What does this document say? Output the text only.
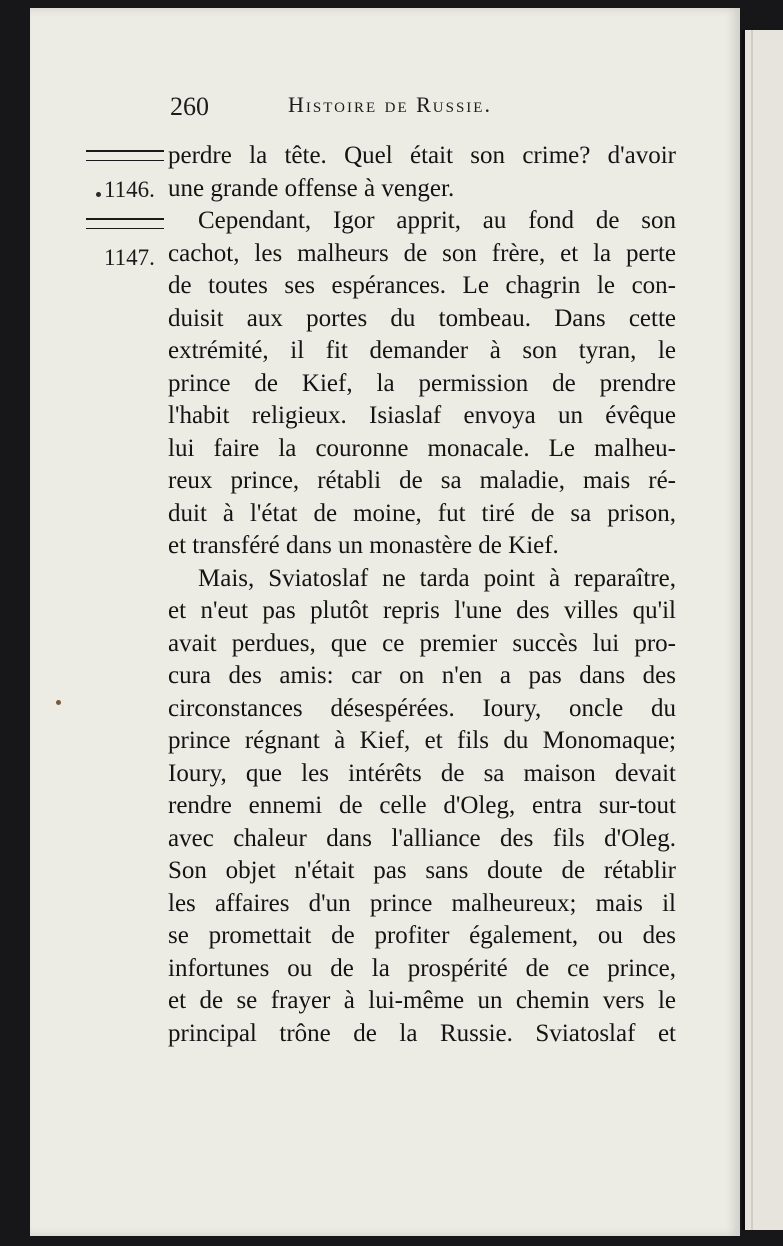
260	Histoire de Russie.
1146.
1147.
perdre la tête. Quel était son crime? d'avoir
une grande offense à venger.
Cependant, Igor apprit, au fond de son
cachot, les malheurs de son frère, et la perte
de toutes ses espérances. Le chagrin le con-
duisit aux portes du tombeau. Dans cette
extrémité, il fit demander à son tyran, le
prince de Kief, la permission de prendre
l'habit religieux. Isiaslaf envoya un évêque
lui faire la couronne monacale. Le malheu-
reux prince, rétabli de sa maladie, mais ré-
duit à l'état de moine, fut tiré de sa prison,
et transféré dans un monastère de Kief.
Mais, Sviatoslaf ne tarda point à reparaître,
et n'eut pas plutôt repris l'une des villes qu'il
avait perdues, que ce premier succès lui pro-
cura des amis: car on n'en a pas dans des
circonstances désespérées. Ioury, oncle du
prince régnant à Kief, et fils du Monomaque;
Ioury, que les intérêts de sa maison devait
rendre ennemi de celle d'Oleg, entra sur-tout
avec chaleur dans l'alliance des fils d'Oleg.
Son objet n'était pas sans doute de rétablir
les affaires d'un prince malheureux; mais il
se promettait de profiter également, ou des
infortunes ou de la prospérité de ce prince,
et de se frayer à lui-même un chemin vers le
principal trône de la Russie. Sviatoslaf et
